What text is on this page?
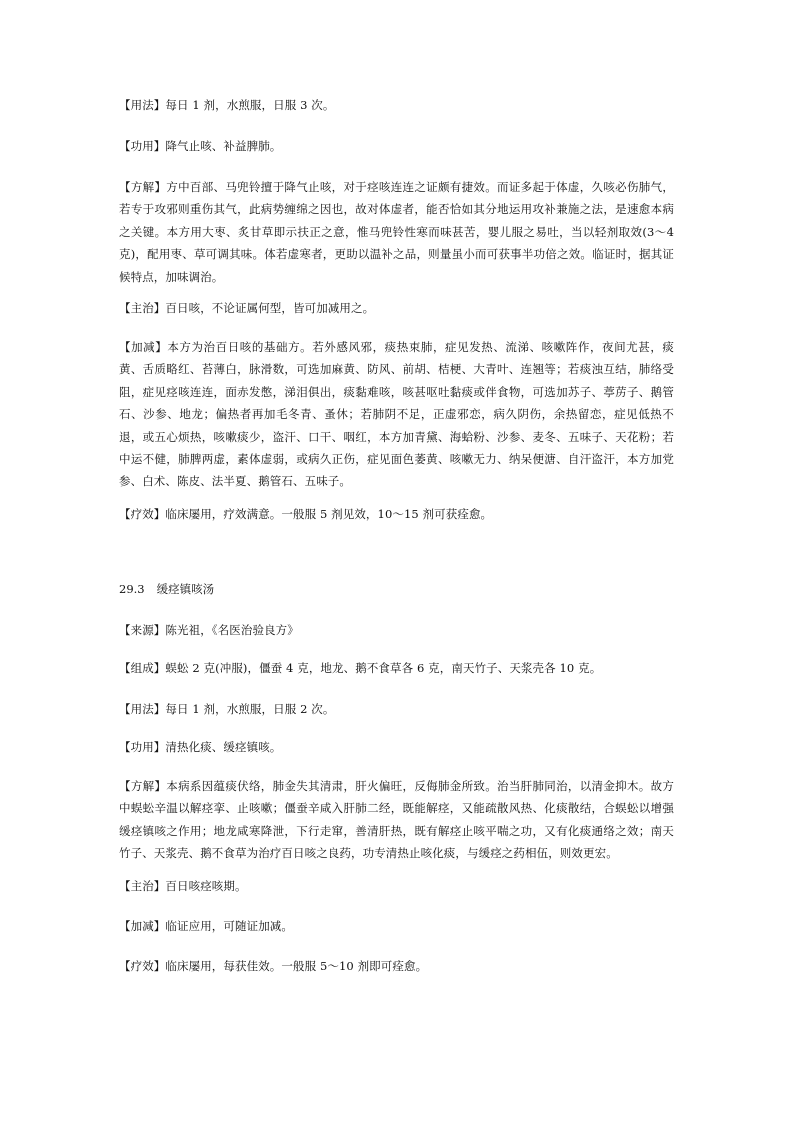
【用法】每日 1 剂，水煎服，日服 3 次。
【功用】降气止咳、补益脾肺。
【方解】方中百部、马兜铃擅于降气止咳，对于痉咳连连之证颇有捷效。而证多起于体虚，久咳必伤肺气，若专于攻邪则重伤其气，此病势缠绵之因也，故对体虚者，能否恰如其分地运用攻补兼施之法，是速愈本病之关键。本方用大枣、炙甘草即示扶正之意，惟马兜铃性寒而味甚苦，婴儿服之易吐，当以轻剂取效(3～4 克)，配用枣、草可调其味。体若虚寒者，更助以温补之品，则量虽小而可获事半功倍之效。临证时，据其证候特点，加味调治。
【主治】百日咳，不论证属何型，皆可加减用之。
【加减】本方为治百日咳的基础方。若外感风邪，痰热束肺，症见发热、流涕、咳嗽阵作，夜间尤甚，痰黄、舌质略红、苔薄白，脉滑数，可选加麻黄、防风、前胡、桔梗、大青叶、连翘等；若痰浊互结，肺络受阻，症见痉咳连连，面赤发憋，涕泪俱出，痰黏难咳，咳甚呕吐黏痰或伴食物，可选加苏子、葶苈子、鹅管石、沙参、地龙；偏热者再加毛冬青、蚤休；若肺阴不足，正虚邪恋，病久阴伤，余热留恋，症见低热不退，或五心烦热，咳嗽痰少，盗汗、口干、咽红，本方加青黛、海蛤粉、沙参、麦冬、五味子、天花粉；若中运不健，肺脾两虚，素体虚弱，或病久正伤，症见面色萎黄、咳嗽无力、纳呆便溏、自汗盗汗，本方加党参、白术、陈皮、法半夏、鹅管石、五味子。
【疗效】临床屡用，疗效满意。一般服 5 剂见效，10～15 剂可获痊愈。
29.3 缓痉镇咳汤
【来源】陈光祖，《名医治验良方》
【组成】蜈蚣 2 克(冲服)，僵蚕 4 克，地龙、鹅不食草各 6 克，南天竹子、天浆壳各 10 克。
【用法】每日 1 剂，水煎服，日服 2 次。
【功用】清热化痰、缓痉镇咳。
【方解】本病系因蕴痰伏络，肺金失其清肃，肝火偏旺，反侮肺金所致。治当肝肺同治，以清金抑木。故方中蜈蚣辛温以解痉挛、止咳嗽；僵蚕辛咸入肝肺二经，既能解痉，又能疏散风热、化痰散结，合蜈蚣以增强缓痉镇咳之作用；地龙咸寒降泄，下行走窜，善清肝热，既有解痉止咳平喘之功，又有化痰通络之效；南天竹子、天浆壳、鹅不食草为治疗百日咳之良药，功专清热止咳化痰，与缓痉之药相伍，则效更宏。
【主治】百日咳痉咳期。
【加减】临证应用，可随证加减。
【疗效】临床屡用，每获佳效。一般服 5～10 剂即可痊愈。
